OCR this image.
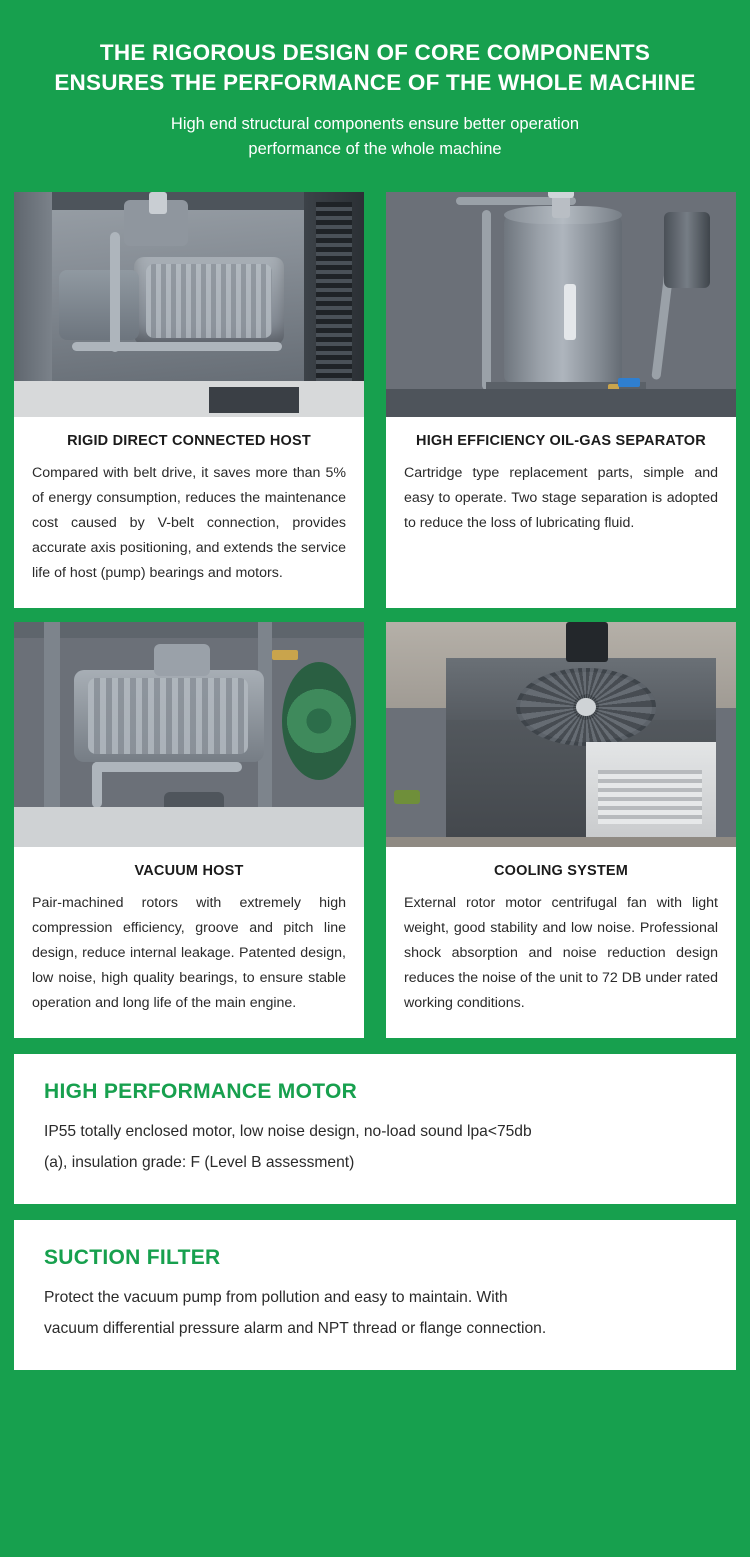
THE RIGOROUS DESIGN OF CORE COMPONENTS
ENSURES THE PERFORMANCE OF THE WHOLE MACHINE

High end structural components ensure better operation
performance of the whole machine

RIGID DIRECT CONNECTED HOST
Compared with belt drive, it saves more than 5% of energy consumption, reduces the maintenance cost caused by V-belt connection, provides accurate axis positioning, and extends the service life of host (pump) bearings and motors.
HIGH EFFICIENCY OIL-GAS SEPARATOR
Cartridge type replacement parts, simple and easy to operate. Two stage separation is adopted to reduce the loss of lubricating fluid.
VACUUM HOST
Pair-machined rotors with extremely high compression efficiency, groove and pitch line design, reduce internal leakage. Patented design, low noise, high quality bearings, to ensure stable operation and long life of the main engine.
COOLING SYSTEM
External rotor motor centrifugal fan with light weight, good stability and low noise. Professional shock absorption and noise reduction design reduces the noise of the unit to 72 DB under rated working conditions.
HIGH PERFORMANCE MOTOR

IP55 totally enclosed motor, low noise design, no-load sound lpa<75db
(a), insulation grade: F (Level B assessment)

SUCTION FILTER

Protect the vacuum pump from pollution and easy to maintain. With
vacuum differential pressure alarm and NPT thread or flange connection.
